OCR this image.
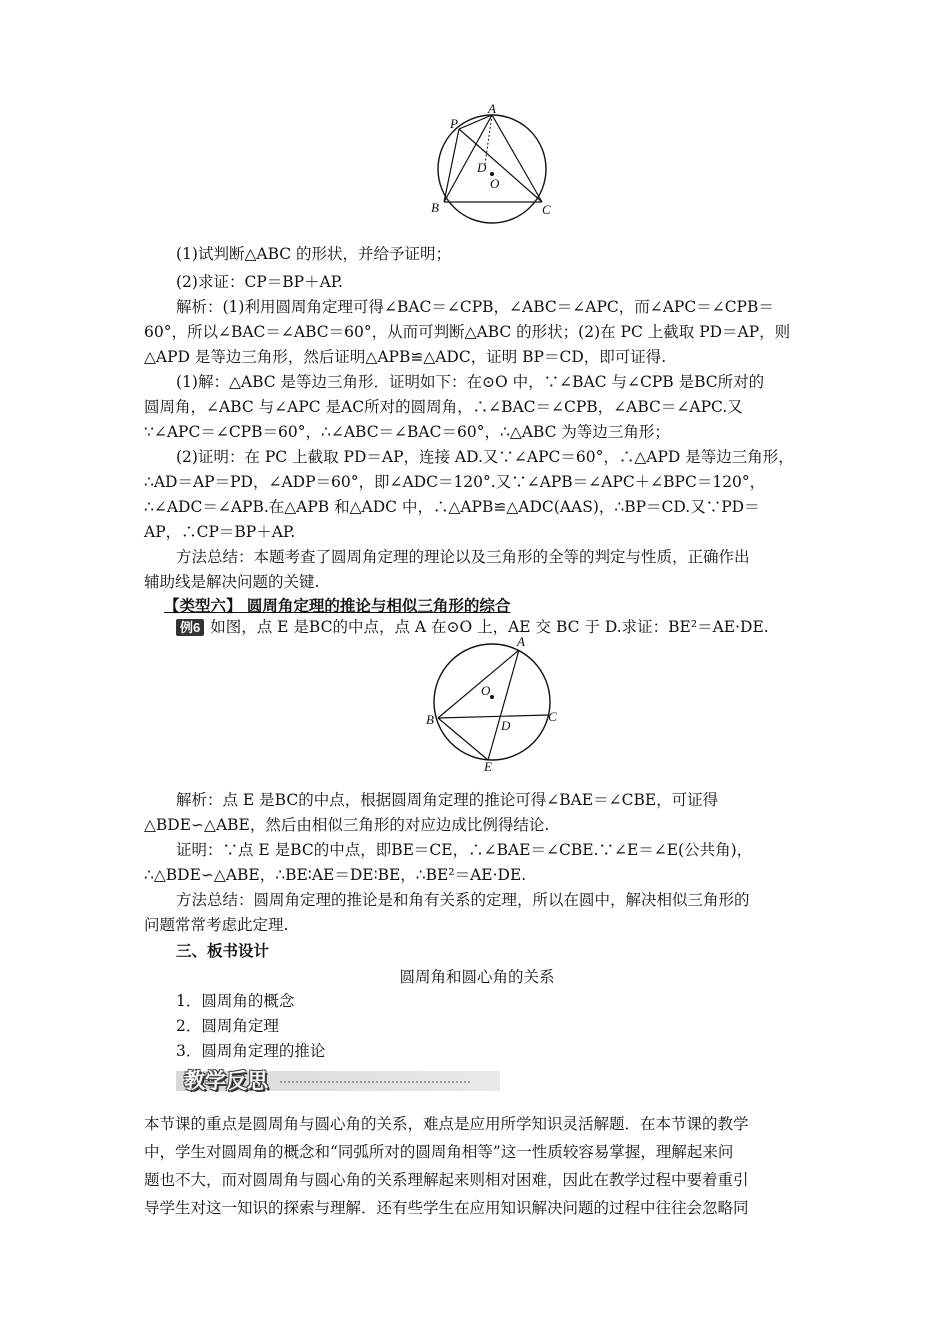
A
P
D
O
B	C
(1)试判断△ABC 的形状，并给予证明；
(2)求证：CP＝BP＋AP.
解析：(1)利用圆周角定理可得∠BAC＝∠CPB，∠ABC＝∠APC，而∠APC＝∠CPB＝
60°，所以∠BAC＝∠ABC＝60°，从而可判断△ABC 的形状；(2)在 PC 上截取 PD＝AP，则
△APD 是等边三角形，然后证明△APB≌△ADC，证明 BP＝CD，即可证得.
(1)解：△ABC 是等边三角形．证明如下：在⊙O 中，∵∠BAC 与∠CPB 是BC所对的
圆周角，∠ABC 与∠APC 是AC所对的圆周角，∴∠BAC＝∠CPB，∠ABC＝∠APC.又
∵∠APC＝∠CPB＝60°，∴∠ABC＝∠BAC＝60°，∴△ABC 为等边三角形；
(2)证明：在 PC 上截取 PD＝AP，连接 AD.又∵∠APC＝60°，∴△APD 是等边三角形，
∴AD＝AP＝PD，∠ADP＝60°，即∠ADC＝120°.又∵∠APB＝∠APC＋∠BPC＝120°，
∴∠ADC＝∠APB.在△APB 和△ADC 中，∴△APB≌△ADC(AAS)，∴BP＝CD.又∵PD＝
AP，∴CP＝BP＋AP.
方法总结：本题考查了圆周角定理的理论以及三角形的全等的判定与性质，正确作出
辅助线是解决问题的关键.
【类型六】 圆周角定理的推论与相似三角形的综合
例6 如图，点 E 是BC的中点，点 A 在⊙O 上，AE 交 BC 于 D.求证：BE²＝AE·DE.
A
O
B	D
C
E
解析：点 E 是BC的中点，根据圆周角定理的推论可得∠BAE＝∠CBE，可证得
△BDE∽△ABE，然后由相似三角形的对应边成比例得结论.
证明：∵点 E 是BC的中点，即BE＝CE，∴∠BAE＝∠CBE.∵∠E＝∠E(公共角)，
∴△BDE∽△ABE，∴BE∶AE＝DE∶BE，∴BE²＝AE·DE.
方法总结：圆周角定理的推论是和角有关系的定理，所以在圆中，解决相似三角形的
问题常常考虑此定理.
三、板书设计
圆周角和圆心角的关系
1．圆周角的概念
2．圆周角定理
3．圆周角定理的推论
教学反思
本节课的重点是圆周角与圆心角的关系，难点是应用所学知识灵活解题．在本节课的教学
中，学生对圆周角的概念和“同弧所对的圆周角相等”这一性质较容易掌握，理解起来问
题也不大，而对圆周角与圆心角的关系理解起来则相对困难，因此在教学过程中要着重引
导学生对这一知识的探索与理解．还有些学生在应用知识解决问题的过程中往往会忽略同
